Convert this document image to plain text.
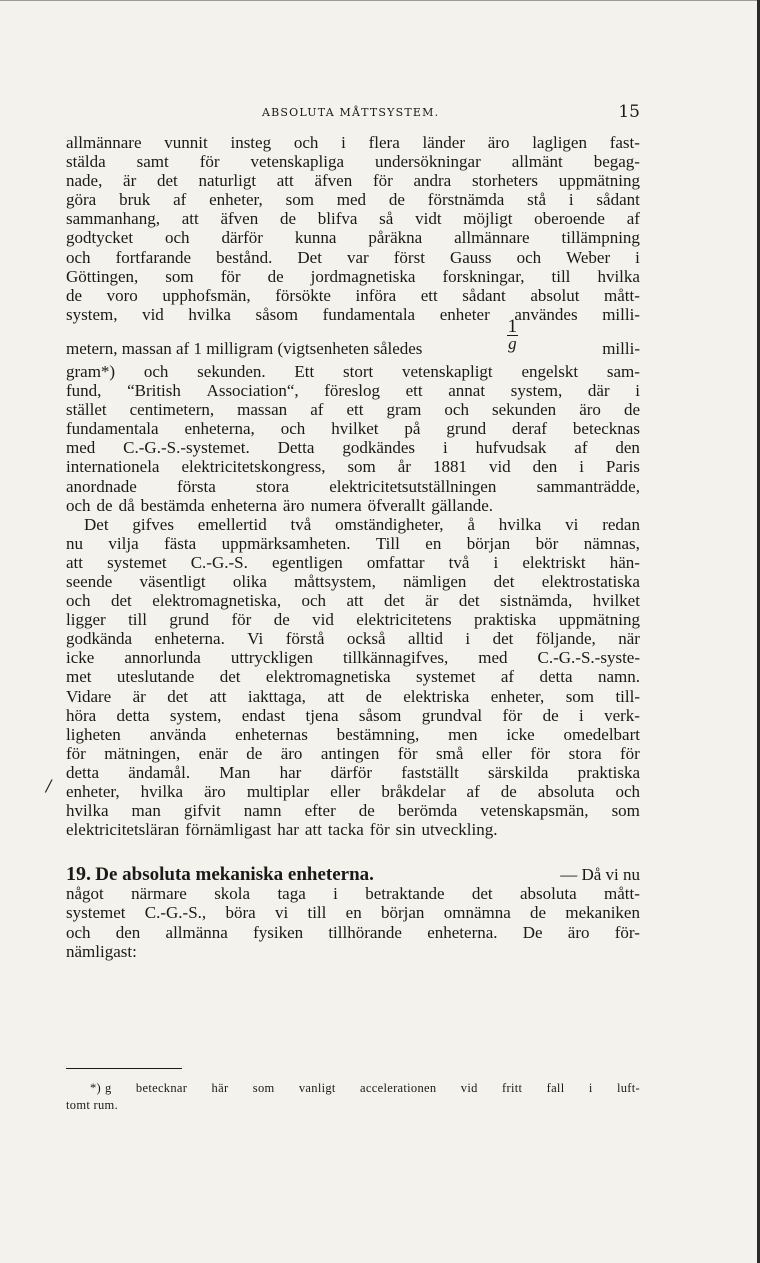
ABSOLUTA MÅTTSYSTEM.	15
/
allmännare vunnit insteg och i flera länder äro lagligen fast-
stälda samt för vetenskapliga undersökningar allmänt begag-
nade, är det naturligt att äfven för andra storheters uppmätning
göra bruk af enheter, som med de förstnämda stå i sådant
sammanhang, att äfven de blifva så vidt möjligt oberoende af
godtycket och därför kunna påräkna allmännare tillämpning
och fortfarande bestånd. Det var först Gauss och Weber i
Göttingen, som för de jordmagnetiska forskningar, till hvilka
de voro upphofsmän, försökte införa ett sådant absolut mått-
system, vid hvilka såsom fundamentala enheter användes milli-
metern, massan af 1 milligram (vigtsenheten således	$\frac{1}{g}$	milli-
gram*) och sekunden. Ett stort vetenskapligt engelskt sam-
fund, “British Association“, föreslog ett annat system, där i
stället centimetern, massan af ett gram och sekunden äro de
fundamentala enheterna, och hvilket på grund deraf betecknas
med C.-G.-S.-systemet. Detta godkändes i hufvudsak af den
internationela elektricitetskongress, som år 1881 vid den i Paris
anordnade första stora elektricitetsutställningen sammanträdde,
och de då bestämda enheterna äro numera öfverallt gällande.
Det gifves emellertid två omständigheter, å hvilka vi redan
nu vilja fästa uppmärksamheten. Till en början bör nämnas,
att systemet C.-G.-S. egentligen omfattar två i elektriskt hän-
seende väsentligt olika måttsystem, nämligen det elektrostatiska
och det elektromagnetiska, och att det är det sistnämda, hvilket
ligger till grund för de vid elektricitetens praktiska uppmätning
godkända enheterna. Vi förstå också alltid i det följande, när
icke annorlunda uttryckligen tillkännagifves, med C.-G.-S.-syste-
met uteslutande det elektromagnetiska systemet af detta namn.
Vidare är det att iakttaga, att de elektriska enheter, som till-
höra detta system, endast tjena såsom grundval för de i verk-
ligheten använda enheternas bestämning, men icke omedelbart
för mätningen, enär de äro antingen för små eller för stora för
detta ändamål. Man har därför fastställt särskilda praktiska
enheter, hvilka äro multiplar eller bråkdelar af de absoluta och
hvilka man gifvit namn efter de berömda vetenskapsmän, som
elektricitetsläran förnämligast har att tacka för sin utveckling.
19. De absoluta mekaniska enheterna.	— Då vi nu
något närmare skola taga i betraktande det absoluta mått-
systemet C.-G.-S., böra vi till en början omnämna de mekaniken
och den allmänna fysiken tillhörande enheterna. De äro för-
nämligast:
*) g betecknar här som vanligt accelerationen vid fritt fall i luft-
tomt rum.
